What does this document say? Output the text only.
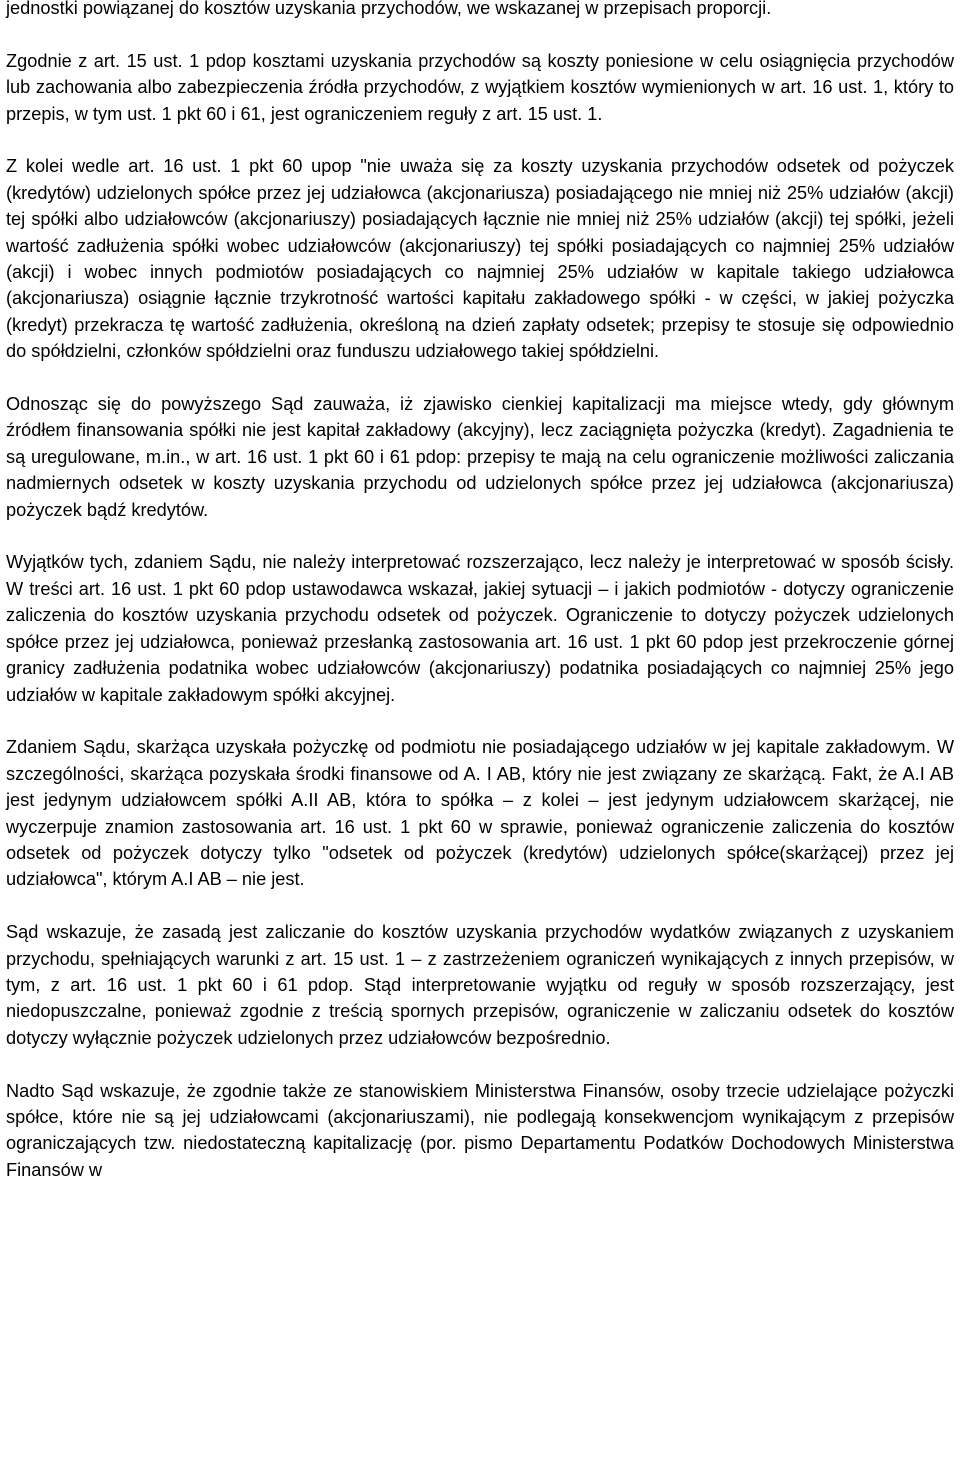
jednostki powiązanej do kosztów uzyskania przychodów, we wskazanej w przepisach proporcji.

Zgodnie z art. 15 ust. 1 pdop kosztami uzyskania przychodów są koszty poniesione w celu osiągnięcia przychodów lub zachowania albo zabezpieczenia źródła przychodów, z wyjątkiem kosztów wymienionych w art. 16 ust. 1, który to przepis, w tym ust. 1 pkt 60 i 61, jest ograniczeniem reguły z art. 15 ust. 1.

Z kolei wedle art. 16 ust. 1 pkt 60 upop "nie uważa się za koszty uzyskania przychodów odsetek od pożyczek (kredytów) udzielonych spółce przez jej udziałowca (akcjonariusza) posiadającego nie mniej niż 25% udziałów (akcji) tej spółki albo udziałowców (akcjonariuszy) posiadających łącznie nie mniej niż 25% udziałów (akcji) tej spółki, jeżeli wartość zadłużenia spółki wobec udziałowców (akcjonariuszy) tej spółki posiadających co najmniej 25% udziałów (akcji) i wobec innych podmiotów posiadających co najmniej 25% udziałów w kapitale takiego udziałowca (akcjonariusza) osiągnie łącznie trzykrotność wartości kapitału zakładowego spółki - w części, w jakiej pożyczka (kredyt) przekracza tę wartość zadłużenia, określoną na dzień zapłaty odsetek; przepisy te stosuje się odpowiednio do spółdzielni, członków spółdzielni oraz funduszu udziałowego takiej spółdzielni.

Odnosząc się do powyższego Sąd zauważa, iż zjawisko cienkiej kapitalizacji ma miejsce wtedy, gdy głównym źródłem finansowania spółki nie jest kapitał zakładowy (akcyjny), lecz zaciągnięta pożyczka (kredyt). Zagadnienia te są uregulowane, m.in., w art. 16 ust. 1 pkt 60 i 61 pdop: przepisy te mają na celu ograniczenie możliwości zaliczania nadmiernych odsetek w koszty uzyskania przychodu od udzielonych spółce przez jej udziałowca (akcjonariusza) pożyczek bądź kredytów.

Wyjątków tych, zdaniem Sądu, nie należy interpretować rozszerzająco, lecz należy je interpretować w sposób ścisły. W treści art. 16 ust. 1 pkt 60 pdop ustawodawca wskazał, jakiej sytuacji – i jakich podmiotów - dotyczy ograniczenie zaliczenia do kosztów uzyskania przychodu odsetek od pożyczek. Ograniczenie to dotyczy pożyczek udzielonych spółce przez jej udziałowca, ponieważ przesłanką zastosowania art. 16 ust. 1 pkt 60 pdop jest przekroczenie górnej granicy zadłużenia podatnika wobec udziałowców (akcjonariuszy) podatnika posiadających co najmniej 25% jego udziałów w kapitale zakładowym spółki akcyjnej.

Zdaniem Sądu, skarżąca uzyskała pożyczkę od podmiotu nie posiadającego udziałów w jej kapitale zakładowym. W szczególności, skarżąca pozyskała środki finansowe od A. I AB, który nie jest związany ze skarżącą. Fakt, że A.I AB jest jedynym udziałowcem spółki A.II AB, która to spółka – z kolei – jest jedynym udziałowcem skarżącej, nie wyczerpuje znamion zastosowania art. 16 ust. 1 pkt 60 w sprawie, ponieważ ograniczenie zaliczenia do kosztów odsetek od pożyczek dotyczy tylko "odsetek od pożyczek (kredytów) udzielonych spółce(skarżącej) przez jej udziałowca", którym A.I AB – nie jest.

Sąd wskazuje, że zasadą jest zaliczanie do kosztów uzyskania przychodów wydatków związanych z uzyskaniem przychodu, spełniających warunki z art. 15 ust. 1 – z zastrzeżeniem ograniczeń wynikających z innych przepisów, w tym, z art. 16 ust. 1 pkt 60 i 61 pdop. Stąd interpretowanie wyjątku od reguły w sposób rozszerzający, jest niedopuszczalne, ponieważ zgodnie z treścią spornych przepisów, ograniczenie w zaliczaniu odsetek do kosztów dotyczy wyłącznie pożyczek udzielonych przez udziałowców bezpośrednio.

Nadto Sąd wskazuje, że zgodnie także ze stanowiskiem Ministerstwa Finansów, osoby trzecie udzielające pożyczki spółce, które nie są jej udziałowcami (akcjonariuszami), nie podlegają konsekwencjom wynikającym z przepisów ograniczających tzw. niedostateczną kapitalizację (por. pismo Departamentu Podatków Dochodowych Ministerstwa Finansów w
